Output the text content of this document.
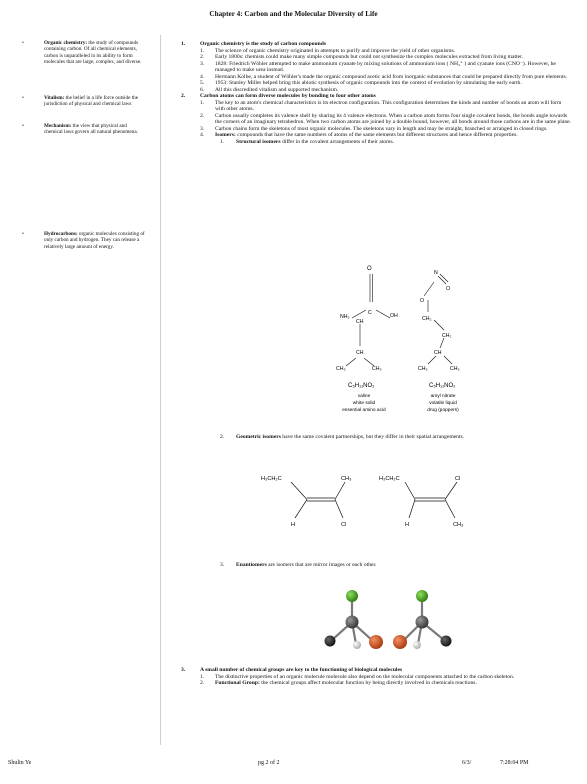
Chapter 4: Carbon and the Molecular Diversity of Life
•	Organic chemistry: the study of compounds containing carbon. Of all chemical elements, carbon is unparalleled in its ability to form molecules that are large, complex, and diverse.
•	Vitalism: the belief in a life force outside the jurisdiction of physical and chemical laws
•	Mechanism: the view that physical and chemical laws govern all natural phenomena.
•	Hydrocarbons: organic molecules consisting of only carbon and hydrogen. They can release a relatively large amount of energy.
1.	Organic chemistry is the study of carbon compounds
1. The science of organic chemistry originated in attempts to purify and improve the yield of other organisms.
2. Early 1800s: chemists could make many simple compounds but could not synthesize the complex molecules extracted from living matter.
3. 1828: Friedrich Wöhler attempted to make ammonium cyanate by mixing solutions of ammonium ions ( NH₄⁺ ) and cyanate ions (CNO⁻). However, he managed to make urea instead.
4. Hermann Kolbe, a student of Wöhler's made the organic compound acetic acid from inorganic substances that could be prepared directly from pure elements.
5. 1953: Stanley Miller helped bring this abiotic synthesis of organic compounds into the context of evolution by simulating the early earth.
6. All this discredited vitalism and supported mechanism.
2.	Carbon atoms can form diverse molecules by bonding to four other atoms
1. The key to an atom's chemical characteristics is its electron configuration. This configuration determines the kinds and number of bonds an atom will form with other atoms.
2. Carbon usually completes its valence shell by sharing its 4 valence electrons. When a carbon atom forms four single covalent bonds, the bonds angle towards the corners of an imaginary tetrahedron. When two carbon atoms are joined by a double bound, however, all bonds around those carbons are in the same plane.
3. Carbon chains form the skeletons of most organic molecules. The skeletons vary in length and may be straight, branched or arranged in closed rings.
4. Isomers: compounds that have the same numbers of atoms of the same elements but different structures and hence different properties.
1. Structural isomers differ in the covalent arrangements of their atoms.
O
NH₂
C	OH
CH
CH
CH₃	CH₃
O
N
O
CH₂
CH₂
CH
CH₃	CH₃
C₅H₁₁NO₂	C₅H₁₁NO₂
valine
white solid
essential amino acid
amyl nitrate
volatile liquid
drug (poppers)
2. Geometric isomers have the same covalent partnerships, but they differ in their spatial arrangements.
H₃CH₂C	CH₃
H	Cl
H₃CH₂C	Cl
H	CH₃
3. Enantiomers are isomers that are mirror images or each other.
3.	A small number of chemical groups are key to the functioning of biological molecules
1. The distinctive properties of an organic molecule molecule also depend on the molecular components attached to the carbon skeleton.
2. Functional Group: the chemical groups affect molecular function by being directly involved in chemicals reactions.
Shulin Ye	pg 2 of 2	6/3/	7:28:04 PM
